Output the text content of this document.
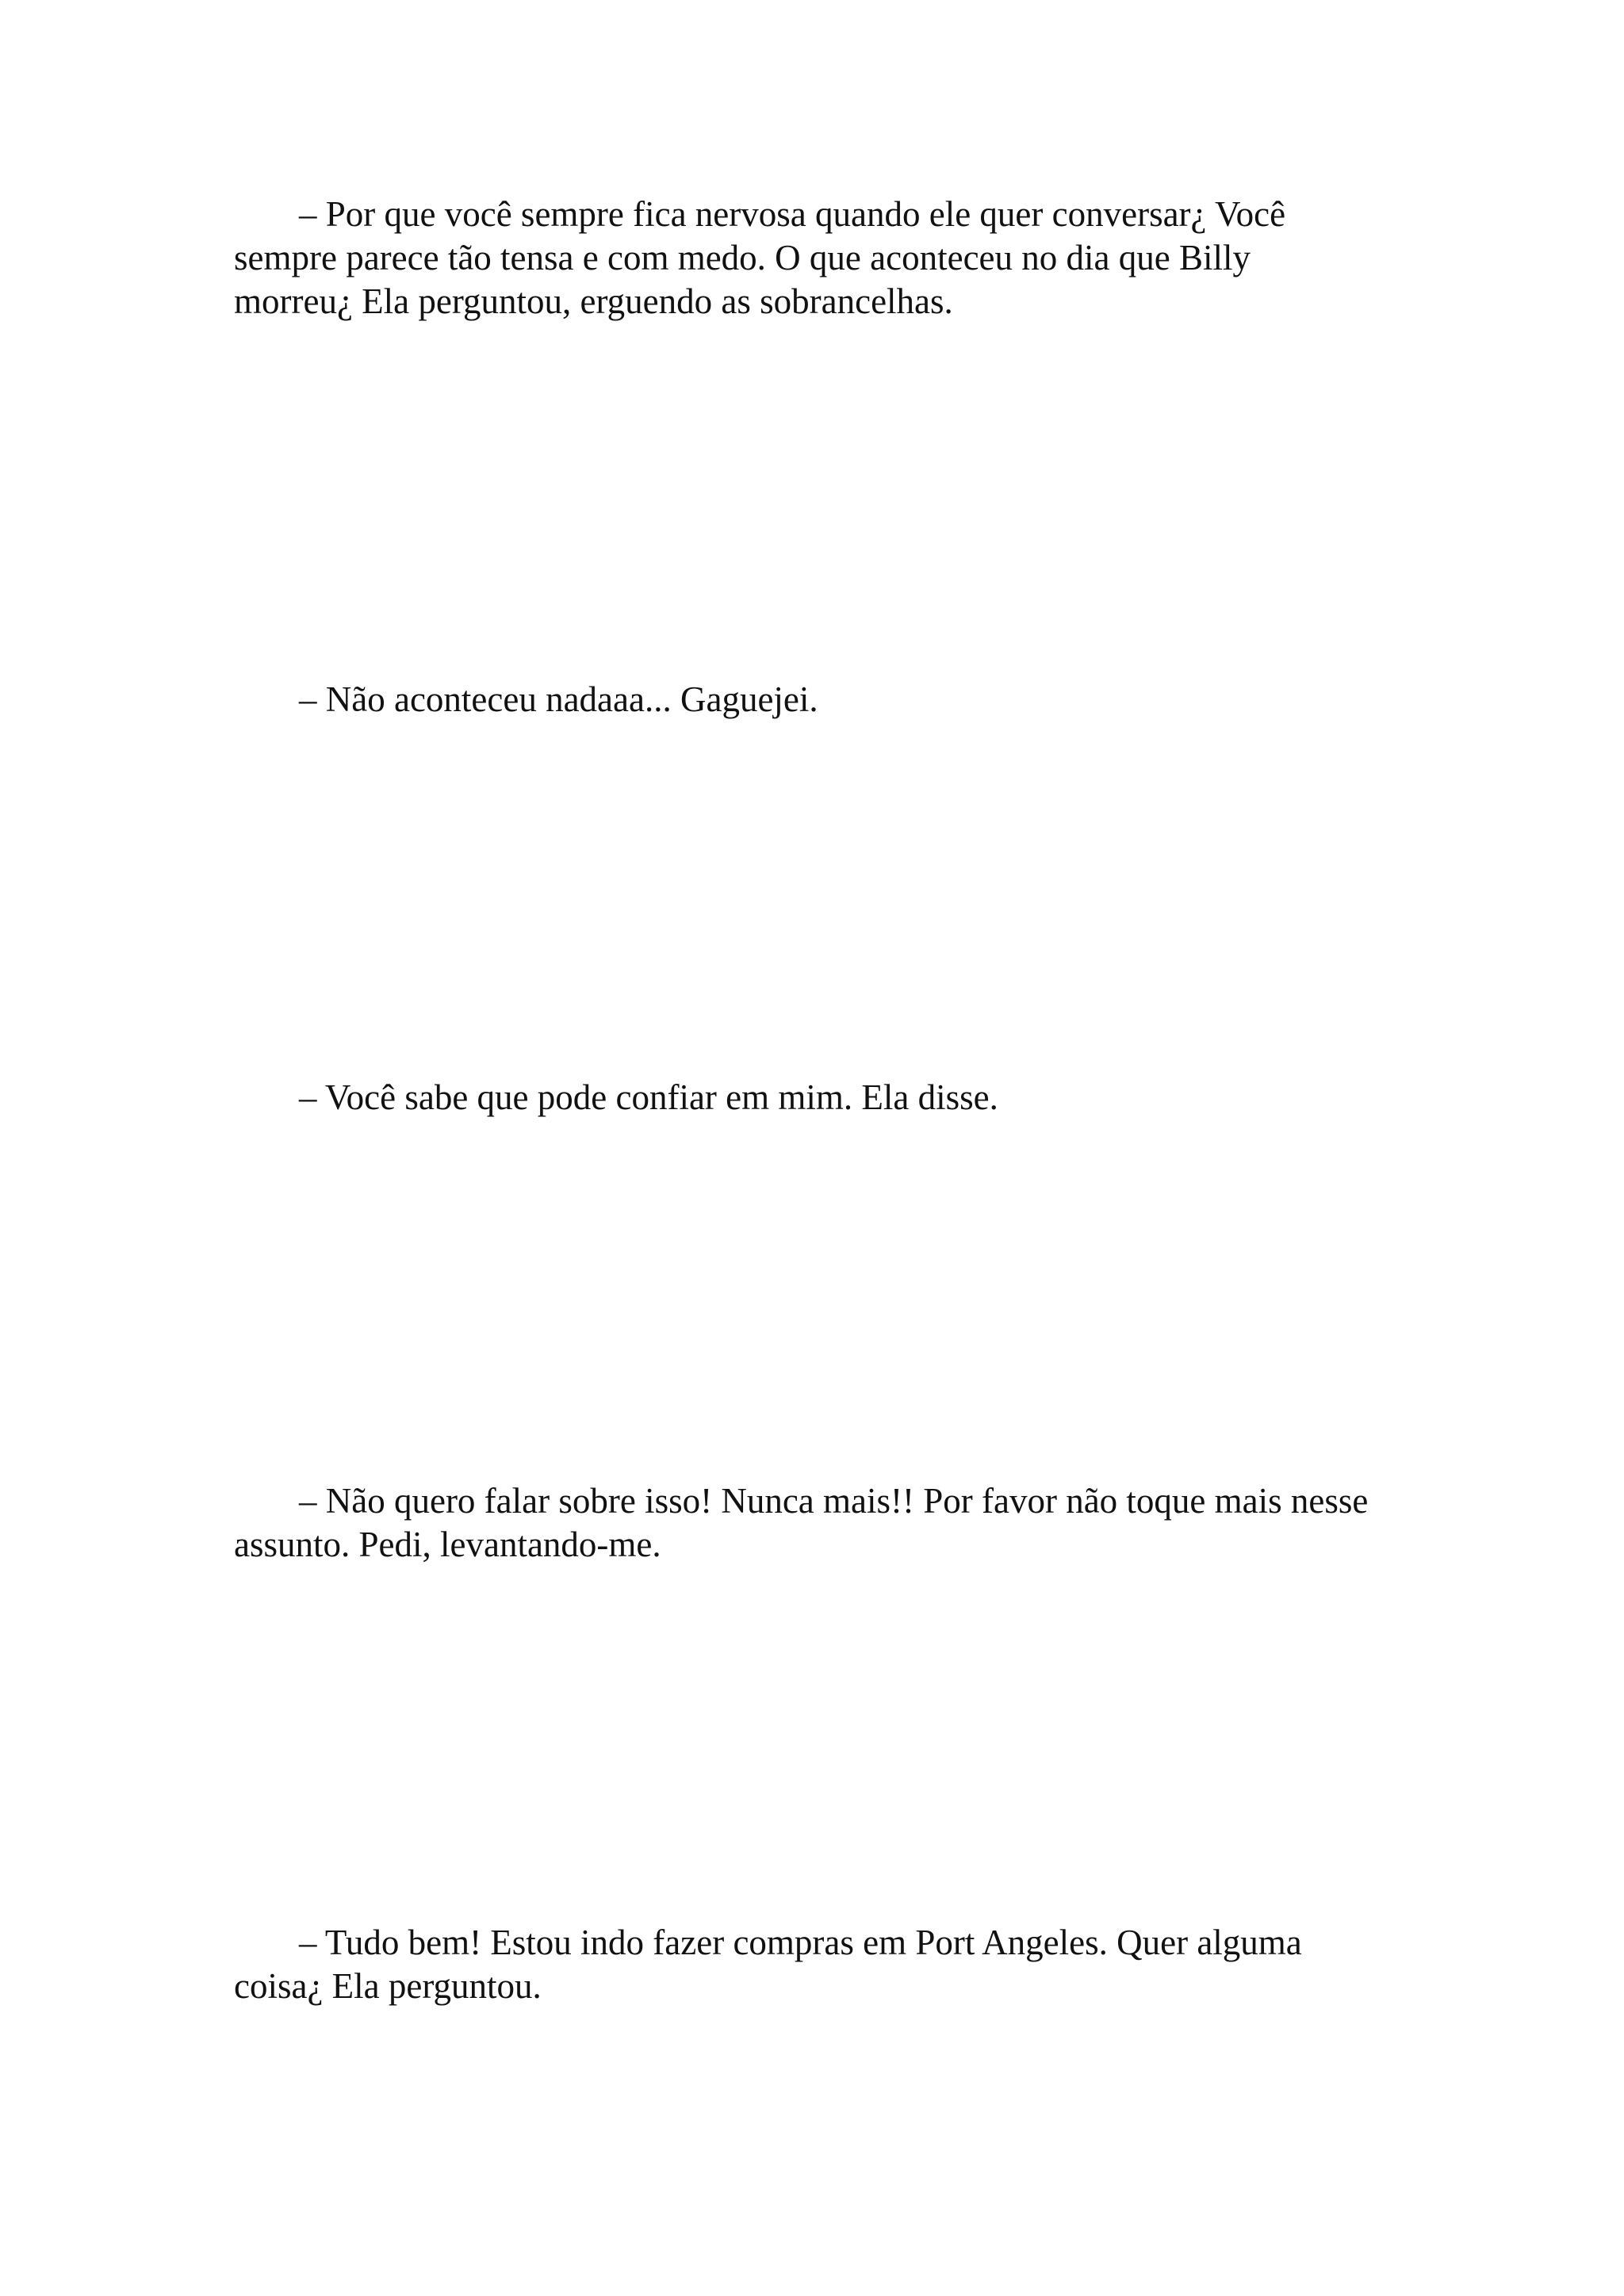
– Por que você sempre fica nervosa quando ele quer conversar¿ Você sempre parece tão tensa e com medo. O que aconteceu no dia que Billy morreu¿ Ela perguntou, erguendo as sobrancelhas.

– Não aconteceu nadaaa... Gaguejei.

– Você sabe que pode confiar em mim. Ela disse.

– Não quero falar sobre isso! Nunca mais!! Por favor não toque mais nesse assunto. Pedi, levantando-me.

– Tudo bem! Estou indo fazer compras em Port Angeles. Quer alguma coisa¿ Ela perguntou.
